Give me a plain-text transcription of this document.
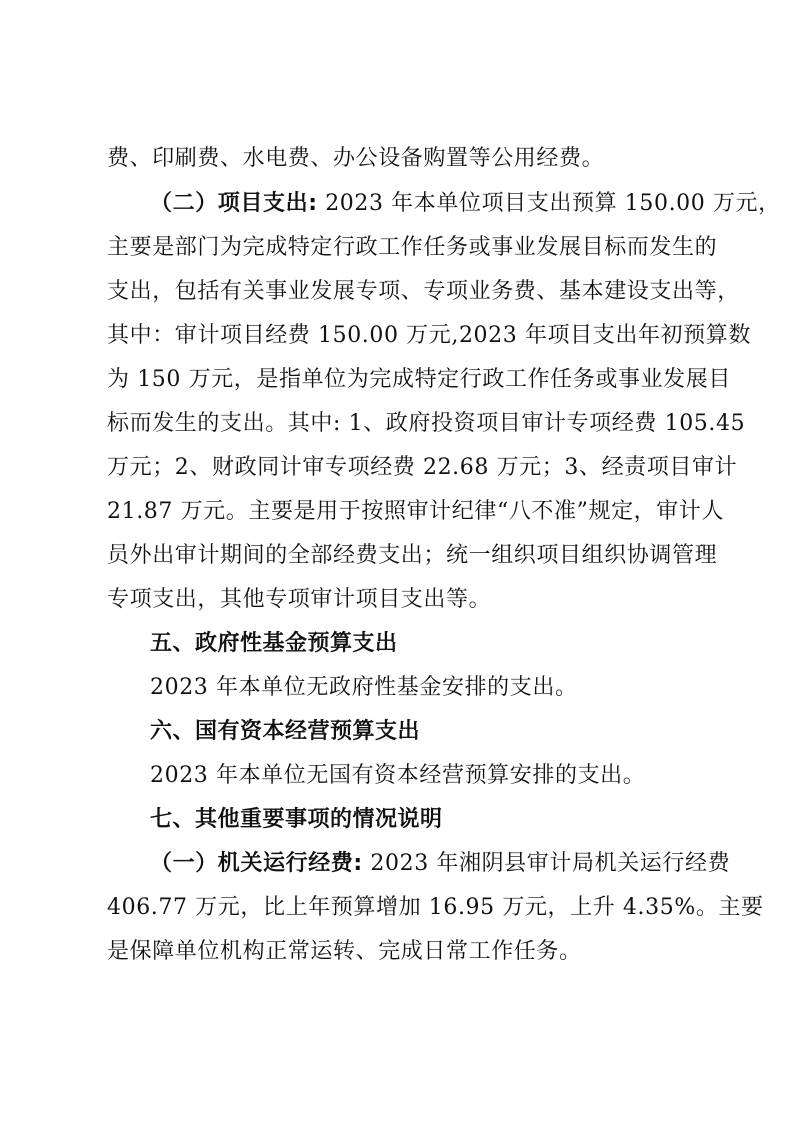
费、印刷费、水电费、办公设备购置等公用经费。
（二）项目支出: 2023 年本单位项目支出预算 150.00 万元，
主要是部门为完成特定行政工作任务或事业发展目标而发生的
支出，包括有关事业发展专项、专项业务费、基本建设支出等，
其中：审计项目经费 150.00 万元,2023 年项目支出年初预算数
为 150 万元，是指单位为完成特定行政工作任务或事业发展目
标而发生的支出。其中: 1、政府投资项目审计专项经费 105.45
万元；2、财政同计审专项经费 22.68 万元；3、经责项目审计
21.87 万元。主要是用于按照审计纪律“八不准”规定，审计人
员外出审计期间的全部经费支出；统一组织项目组织协调管理
专项支出，其他专项审计项目支出等。
五、政府性基金预算支出
2023 年本单位无政府性基金安排的支出。
六、国有资本经营预算支出
2023 年本单位无国有资本经营预算安排的支出。
七、其他重要事项的情况说明
（一）机关运行经费: 2023 年湘阴县审计局机关运行经费
406.77 万元，比上年预算增加 16.95 万元，上升 4.35%。主要
是保障单位机构正常运转、完成日常工作任务。
